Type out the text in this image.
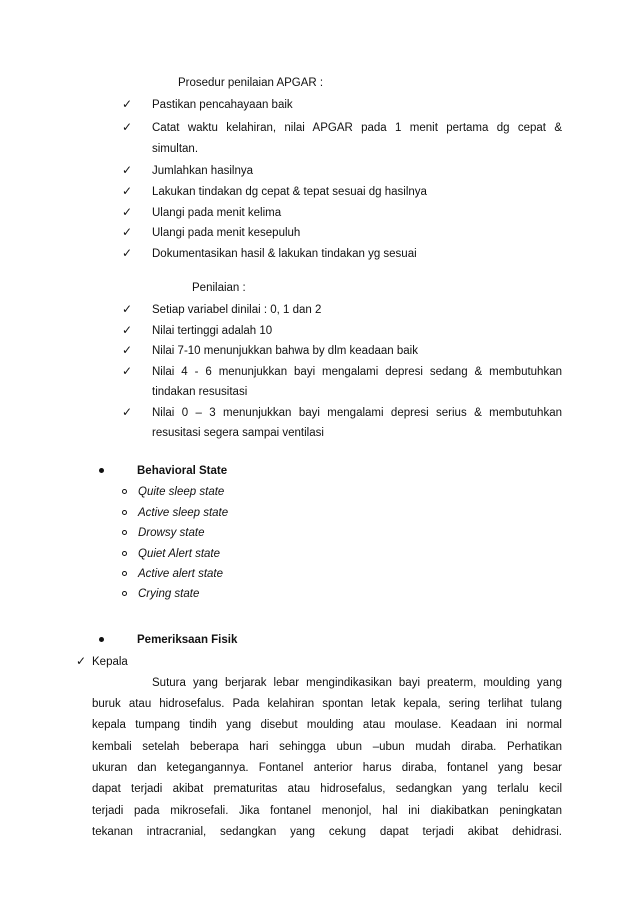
Prosedur penilaian APGAR :
✓ Pastikan pencahayaan baik
✓ Catat waktu kelahiran, nilai APGAR pada 1 menit pertama dg cepat &
simultan.
✓ Jumlahkan hasilnya
✓ Lakukan tindakan dg cepat & tepat sesuai dg hasilnya
✓ Ulangi pada menit kelima
✓ Ulangi pada menit kesepuluh
✓ Dokumentasikan hasil & lakukan tindakan yg sesuai
Penilaian :
✓ Setiap variabel dinilai : 0, 1 dan 2
✓ Nilai tertinggi adalah 10
✓ Nilai 7-10 menunjukkan bahwa by dlm keadaan baik
✓ Nilai 4 - 6 menunjukkan bayi mengalami depresi sedang & membutuhkan
tindakan resusitasi
✓ Nilai 0 – 3 menunjukkan bayi mengalami depresi serius & membutuhkan
resusitasi segera sampai ventilasi
Behavioral State
Quite sleep state
Active sleep state
Drowsy state
Quiet Alert state
Active alert state
Crying state
Pemeriksaan Fisik
✓ Kepala
Sutura yang berjarak lebar mengindikasikan bayi preaterm, moulding yang
buruk atau hidrosefalus. Pada kelahiran spontan letak kepala, sering terlihat tulang
kepala tumpang tindih yang disebut moulding atau moulase. Keadaan ini normal
kembali setelah beberapa hari sehingga ubun –ubun mudah diraba. Perhatikan
ukuran dan ketegangannya. Fontanel anterior harus diraba, fontanel yang besar
dapat terjadi akibat prematuritas atau hidrosefalus, sedangkan yang terlalu kecil
terjadi pada mikrosefali. Jika fontanel menonjol, hal ini diakibatkan peningkatan
tekanan intracranial, sedangkan yang cekung dapat terjadi akibat dehidrasi.
